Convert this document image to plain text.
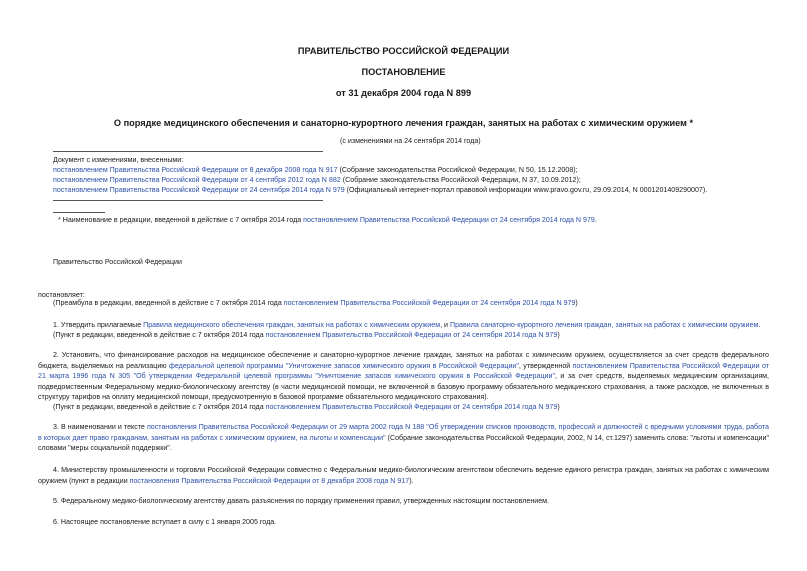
ПРАВИТЕЛЬСТВО РОССИЙСКОЙ ФЕДЕРАЦИИ
ПОСТАНОВЛЕНИЕ
от 31 декабря 2004 года N 899
О порядке медицинского обеспечения и санаторно-курортного лечения граждан, занятых на работах с химическим оружием *
(с изменениями на 24 сентября 2014 года)
Документ с изменениями, внесенными:
постановлением Правительства Российской Федерации от 8 декабря 2008 года N 917 (Собрание законодательства Российской Федерации, N 50, 15.12.2008);
постановлением Правительства Российской Федерации от 4 сентября 2012 года N 882 (Собрание законодательства Российской Федерации, N 37, 10.09.2012);
постановлением Правительства Российской Федерации от 24 сентября 2014 года N 979 (Официальный интернет-портал правовой информации www.pravo.gov.ru, 29.09.2014, N 0001201409290007).
* Наименование в редакции, введенной в действие с 7 октября 2014 года постановлением Правительства Российской Федерации от 24 сентября 2014 года N 979.
Правительство Российской Федерации
постановляет:
(Преамбула в редакции, введенной в действие с 7 октября 2014 года постановлением Правительства Российской Федерации от 24 сентября 2014 года N 979)
1. Утвердить прилагаемые Правила медицинского обеспечения граждан, занятых на работах с химическим оружием, и Правила санаторно-курортного лечения граждан, занятых на работах с химическим оружием.
(Пункт в редакции, введенной в действие с 7 октября 2014 года постановлением Правительства Российской Федерации от 24 сентября 2014 года N 979)
2. Установить, что финансирование расходов на медицинское обеспечение и санаторно-курортное лечение граждан, занятых на работах с химическим оружием, осуществляется за счет средств федерального бюджета, выделяемых на реализацию федеральной целевой программы "Уничтожение запасов химического оружия в Российской Федерации", утвержденной постановлением Правительства Российской Федерации от 21 марта 1996 года N 305 "Об утверждении Федеральной целевой программы "Уничтожение запасов химического оружия в Российской Федерации", и за счет средств, выделяемых медицинским организациям, подведомственным Федеральному медико-биологическому агентству (в части медицинской помощи, не включенной в базовую программу обязательного медицинского страхования, а также расходов, не включенных в структуру тарифов на оплату медицинской помощи, предусмотренную в базовой программе обязательного медицинского страхования).
(Пункт в редакции, введенной в действие с 7 октября 2014 года постановлением Правительства Российской Федерации от 24 сентября 2014 года N 979)
3. В наименовании и тексте постановления Правительства Российской Федерации от 29 марта 2002 года N 188 "Об утверждении списков производств, профессий и должностей с вредными условиями труда, работа в которых дает право гражданам, занятым на работах с химическим оружием, на льготы и компенсации" (Собрание законодательства Российской Федерации, 2002, N 14, ст.1297) заменить слова: "льготы и компенсации" словами "меры социальной поддержки".
4. Министерству промышленности и торговли Российской Федерации совместно с Федеральным медико-биологическим агентством обеспечить ведение единого регистра граждан, занятых на работах с химическим оружием (пункт в редакции постановления Правительства Российской Федерации от 8 декабря 2008 года N 917).
5. Федеральному медико-биологическому агентству давать разъяснения по порядку применения правил, утвержденных настоящим постановлением.
6. Настоящее постановление вступает в силу с 1 января 2005 года.
